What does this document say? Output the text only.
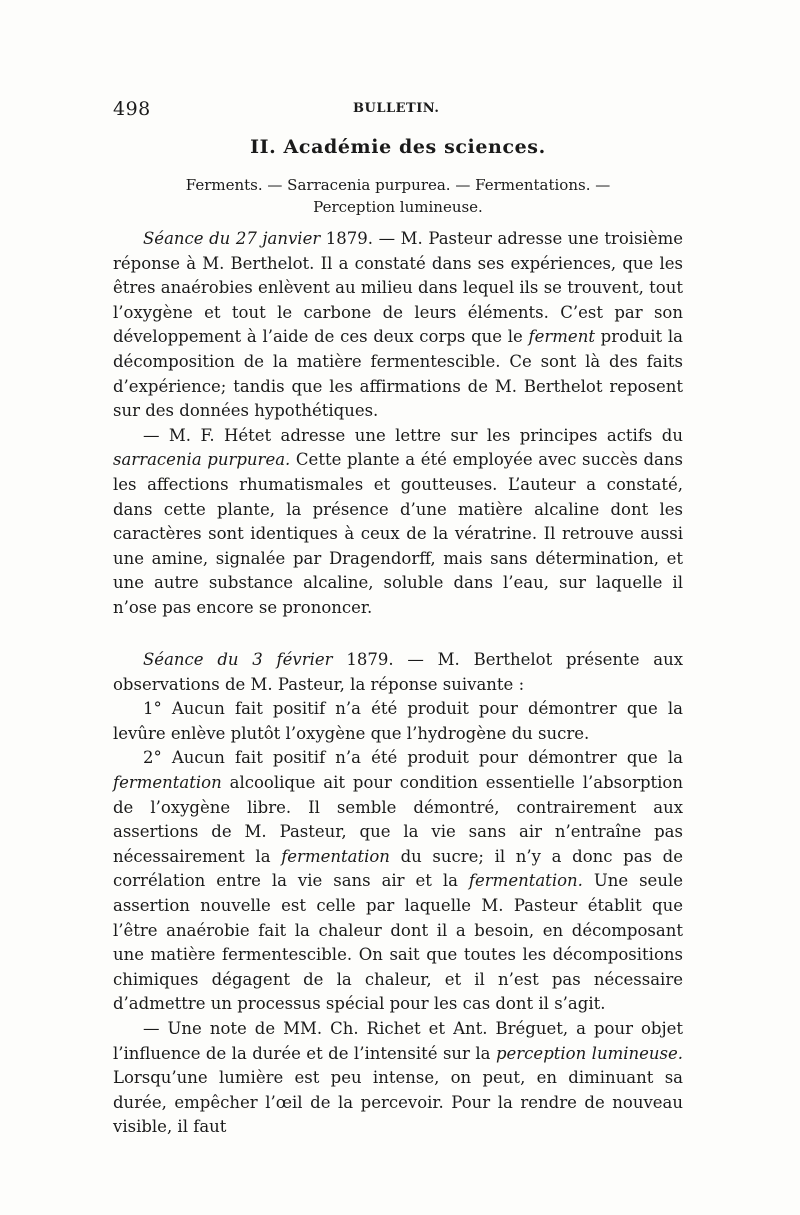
498	BULLETIN.
II. Académie des sciences.
Ferments. — Sarracenia purpurea. — Fermentations. —
Perception lumineuse.

Séance du 27 janvier 1879. — M. Pasteur adresse une troisième réponse à M. Berthelot. Il a constaté dans ses expériences, que les êtres anaérobies enlèvent au milieu dans lequel ils se trouvent, tout l’oxygène et tout le carbone de leurs éléments. C’est par son développement à l’aide de ces deux corps que le ferment produit la décomposition de la matière fermentescible. Ce sont là des faits d’expérience; tandis que les affirmations de M. Berthelot reposent sur des données hypothétiques.

— M. F. Hétet adresse une lettre sur les principes actifs du sarracenia purpurea. Cette plante a été employée avec succès dans les affections rhumatismales et goutteuses. L’auteur a constaté, dans cette plante, la présence d’une matière alcaline dont les caractères sont identiques à ceux de la vératrine. Il retrouve aussi une amine, signalée par Dragendorff, mais sans détermination, et une autre substance alcaline, soluble dans l’eau, sur laquelle il n’ose pas encore se prononcer.

Séance du 3 février 1879. — M. Berthelot présente aux observations de M. Pasteur, la réponse suivante :

1° Aucun fait positif n’a été produit pour démontrer que la levûre enlève plutôt l’oxygène que l’hydrogène du sucre.

2° Aucun fait positif n’a été produit pour démontrer que la fermentation alcoolique ait pour condition essentielle l’absorption de l’oxygène libre. Il semble démontré, contrairement aux assertions de M. Pasteur, que la vie sans air n’entraîne pas nécessairement la fermentation du sucre; il n’y a donc pas de corrélation entre la vie sans air et la fermentation. Une seule assertion nouvelle est celle par laquelle M. Pasteur établit que l’être anaérobie fait la chaleur dont il a besoin, en décomposant une matière fermentescible. On sait que toutes les décompositions chimiques dégagent de la chaleur, et il n’est pas nécessaire d’admettre un processus spécial pour les cas dont il s’agit.

— Une note de MM. Ch. Richet et Ant. Bréguet, a pour objet l’influence de la durée et de l’intensité sur la perception lumineuse. Lorsqu’une lumière est peu intense, on peut, en diminuant sa durée, empêcher l’œil de la percevoir. Pour la rendre de nouveau visible, il faut
